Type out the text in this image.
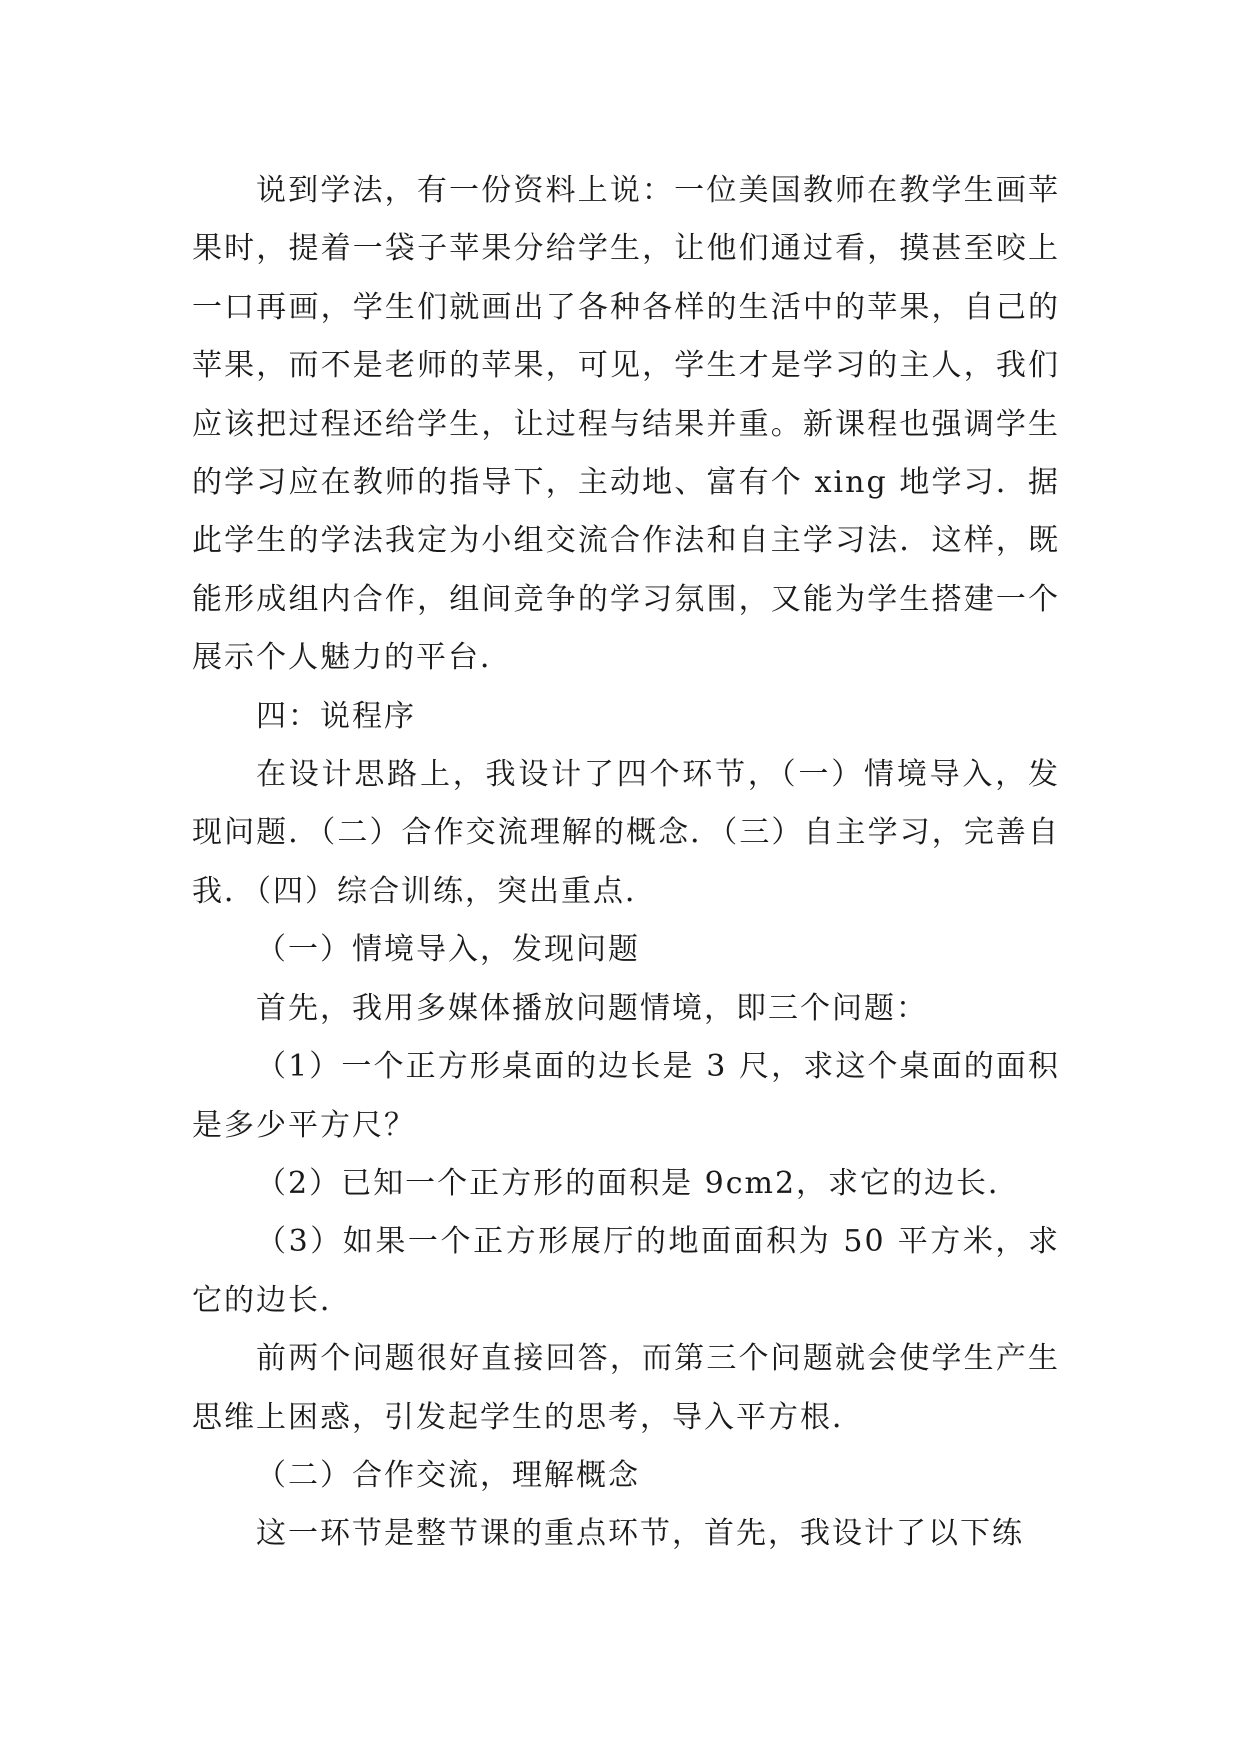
说到学法，有一份资料上说：一位美国教师在教学生画苹果时，提着一袋子苹果分给学生，让他们通过看，摸甚至咬上一口再画，学生们就画出了各种各样的生活中的苹果，自己的苹果，而不是老师的苹果，可见，学生才是学习的主人，我们应该把过程还给学生，让过程与结果并重。新课程也强调学生的学习应在教师的指导下，主动地、富有个 xing 地学习．据此学生的学法我定为小组交流合作法和自主学习法．这样，既能形成组内合作，组间竞争的学习氛围，又能为学生搭建一个展示个人魅力的平台．

四：说程序

在设计思路上，我设计了四个环节，（一）情境导入，发现问题．（二）合作交流理解的概念．（三）自主学习，完善自我．（四）综合训练，突出重点．

（一）情境导入，发现问题

首先，我用多媒体播放问题情境，即三个问题：

（1）一个正方形桌面的边长是 3 尺，求这个桌面的面积是多少平方尺？

（2）已知一个正方形的面积是 9cm2，求它的边长．

（3）如果一个正方形展厅的地面面积为 50 平方米，求它的边长．

前两个问题很好直接回答，而第三个问题就会使学生产生思维上困惑，引发起学生的思考，导入平方根．

（二）合作交流，理解概念

这一环节是整节课的重点环节，首先，我设计了以下练
